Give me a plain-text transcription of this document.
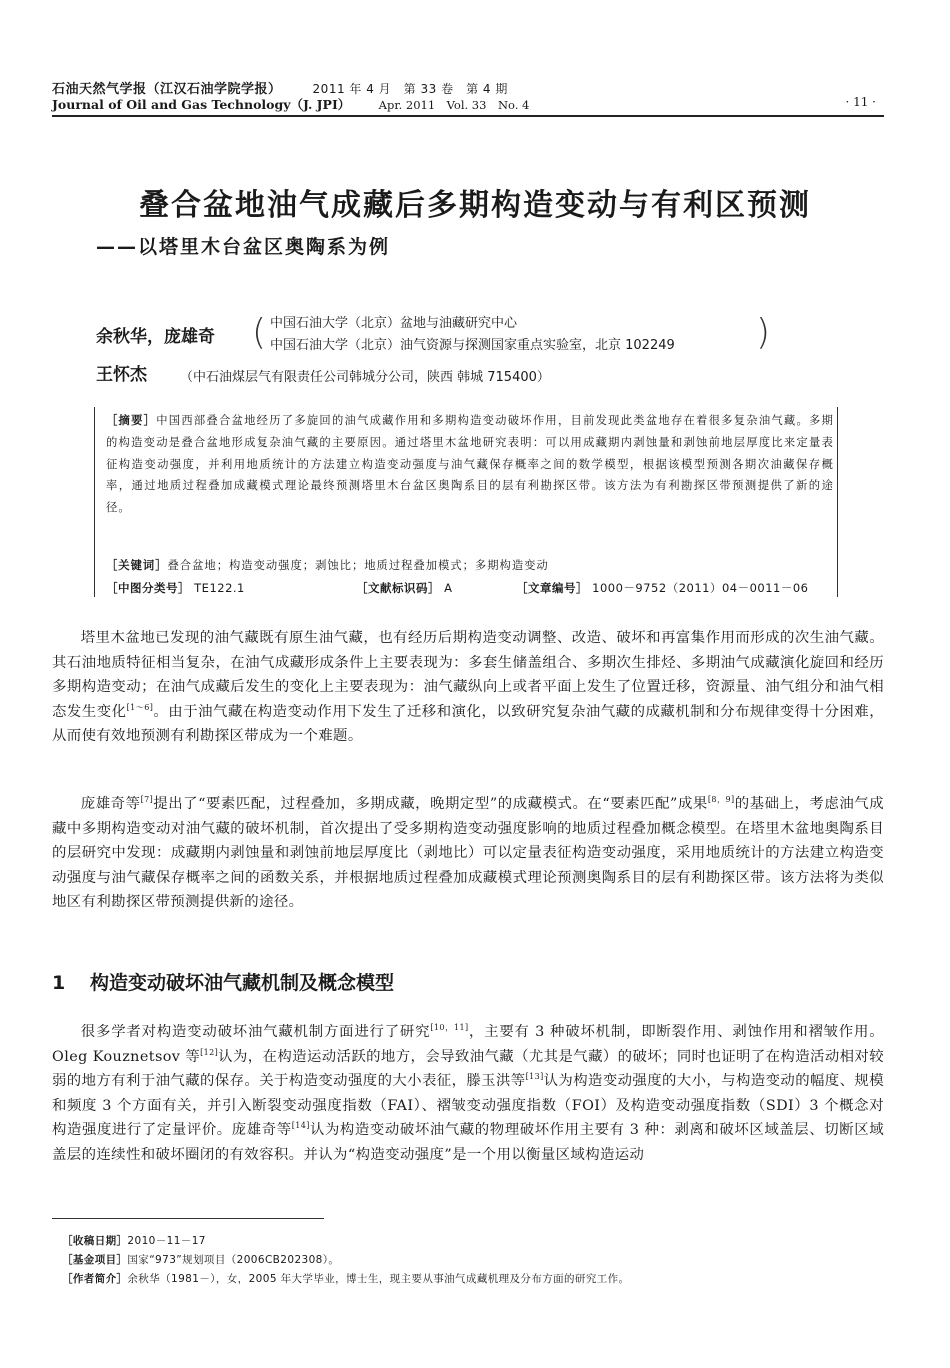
石油天然气学报（江汉石油学院学报）	2011 年 4 月　第 33 卷　第 4 期
Journal of Oil and Gas Technology（J. JPI） Apr. 2011　Vol. 33　No. 4	· 11 ·
叠合盆地油气成藏后多期构造变动与有利区预测
——以塔里木台盆区奥陶系为例
余秋华，庞雄奇 ( 中国石油大学（北京）盆地与油藏研究中心
中国石油大学（北京）油气资源与探测国家重点实验室，北京 102249 )
王怀杰	（中石油煤层气有限责任公司韩城分公司，陕西 韩城 715400）
［摘要］中国西部叠合盆地经历了多旋回的油气成藏作用和多期构造变动破坏作用，目前发现此类盆地存在着很多复杂油气藏。多期的构造变动是叠合盆地形成复杂油气藏的主要原因。通过塔里木盆地研究表明：可以用成藏期内剥蚀量和剥蚀前地层厚度比来定量表征构造变动强度，并利用地质统计的方法建立构造变动强度与油气藏保存概率之间的数学模型，根据该模型预测各期次油藏保存概率，通过地质过程叠加成藏模式理论最终预测塔里木台盆区奥陶系目的层有利勘探区带。该方法为有利勘探区带预测提供了新的途径。
［关键词］叠合盆地；构造变动强度；剥蚀比；地质过程叠加模式；多期构造变动
［中图分类号］ TE122.1	［文献标识码］ A	［文章编号］ 1000－9752（2011）04－0011－06

塔里木盆地已发现的油气藏既有原生油气藏，也有经历后期构造变动调整、改造、破坏和再富集作用而形成的次生油气藏。其石油地质特征相当复杂，在油气成藏形成条件上主要表现为：多套生储盖组合、多期次生排烃、多期油气成藏演化旋回和经历多期构造变动；在油气成藏后发生的变化上主要表现为：油气藏纵向上或者平面上发生了位置迁移，资源量、油气组分和油气相态发生变化[1～6]。由于油气藏在构造变动作用下发生了迁移和演化，以致研究复杂油气藏的成藏机制和分布规律变得十分困难，从而使有效地预测有利勘探区带成为一个难题。

庞雄奇等[7]提出了“要素匹配，过程叠加，多期成藏，晚期定型”的成藏模式。在“要素匹配”成果[8，9]的基础上，考虑油气成藏中多期构造变动对油气藏的破坏机制，首次提出了受多期构造变动强度影响的地质过程叠加概念模型。在塔里木盆地奥陶系目的层研究中发现：成藏期内剥蚀量和剥蚀前地层厚度比（剥地比）可以定量表征构造变动强度，采用地质统计的方法建立构造变动强度与油气藏保存概率之间的函数关系，并根据地质过程叠加成藏模式理论预测奥陶系目的层有利勘探区带。该方法将为类似地区有利勘探区带预测提供新的途径。

1 构造变动破坏油气藏机制及概念模型

很多学者对构造变动破坏油气藏机制方面进行了研究[10，11]，主要有 3 种破坏机制，即断裂作用、剥蚀作用和褶皱作用。Oleg Kouznetsov 等[12]认为，在构造运动活跃的地方，会导致油气藏（尤其是气藏）的破坏；同时也证明了在构造活动相对较弱的地方有利于油气藏的保存。关于构造变动强度的大小表征，滕玉洪等[13]认为构造变动强度的大小，与构造变动的幅度、规模和频度 3 个方面有关，并引入断裂变动强度指数（FAI）、褶皱变动强度指数（FOI）及构造变动强度指数（SDI）3 个概念对构造强度进行了定量评价。庞雄奇等[14]认为构造变动破坏油气藏的物理破坏作用主要有 3 种：剥离和破坏区域盖层、切断区域盖层的连续性和破坏圈闭的有效容积。并认为“构造变动强度”是一个用以衡量区域构造运动

［收稿日期］2010－11－17
［基金项目］国家“973”规划项目（2006CB202308）。
［作者简介］余秋华（1981－），女，2005 年大学毕业，博士生，现主要从事油气成藏机理及分布方面的研究工作。
